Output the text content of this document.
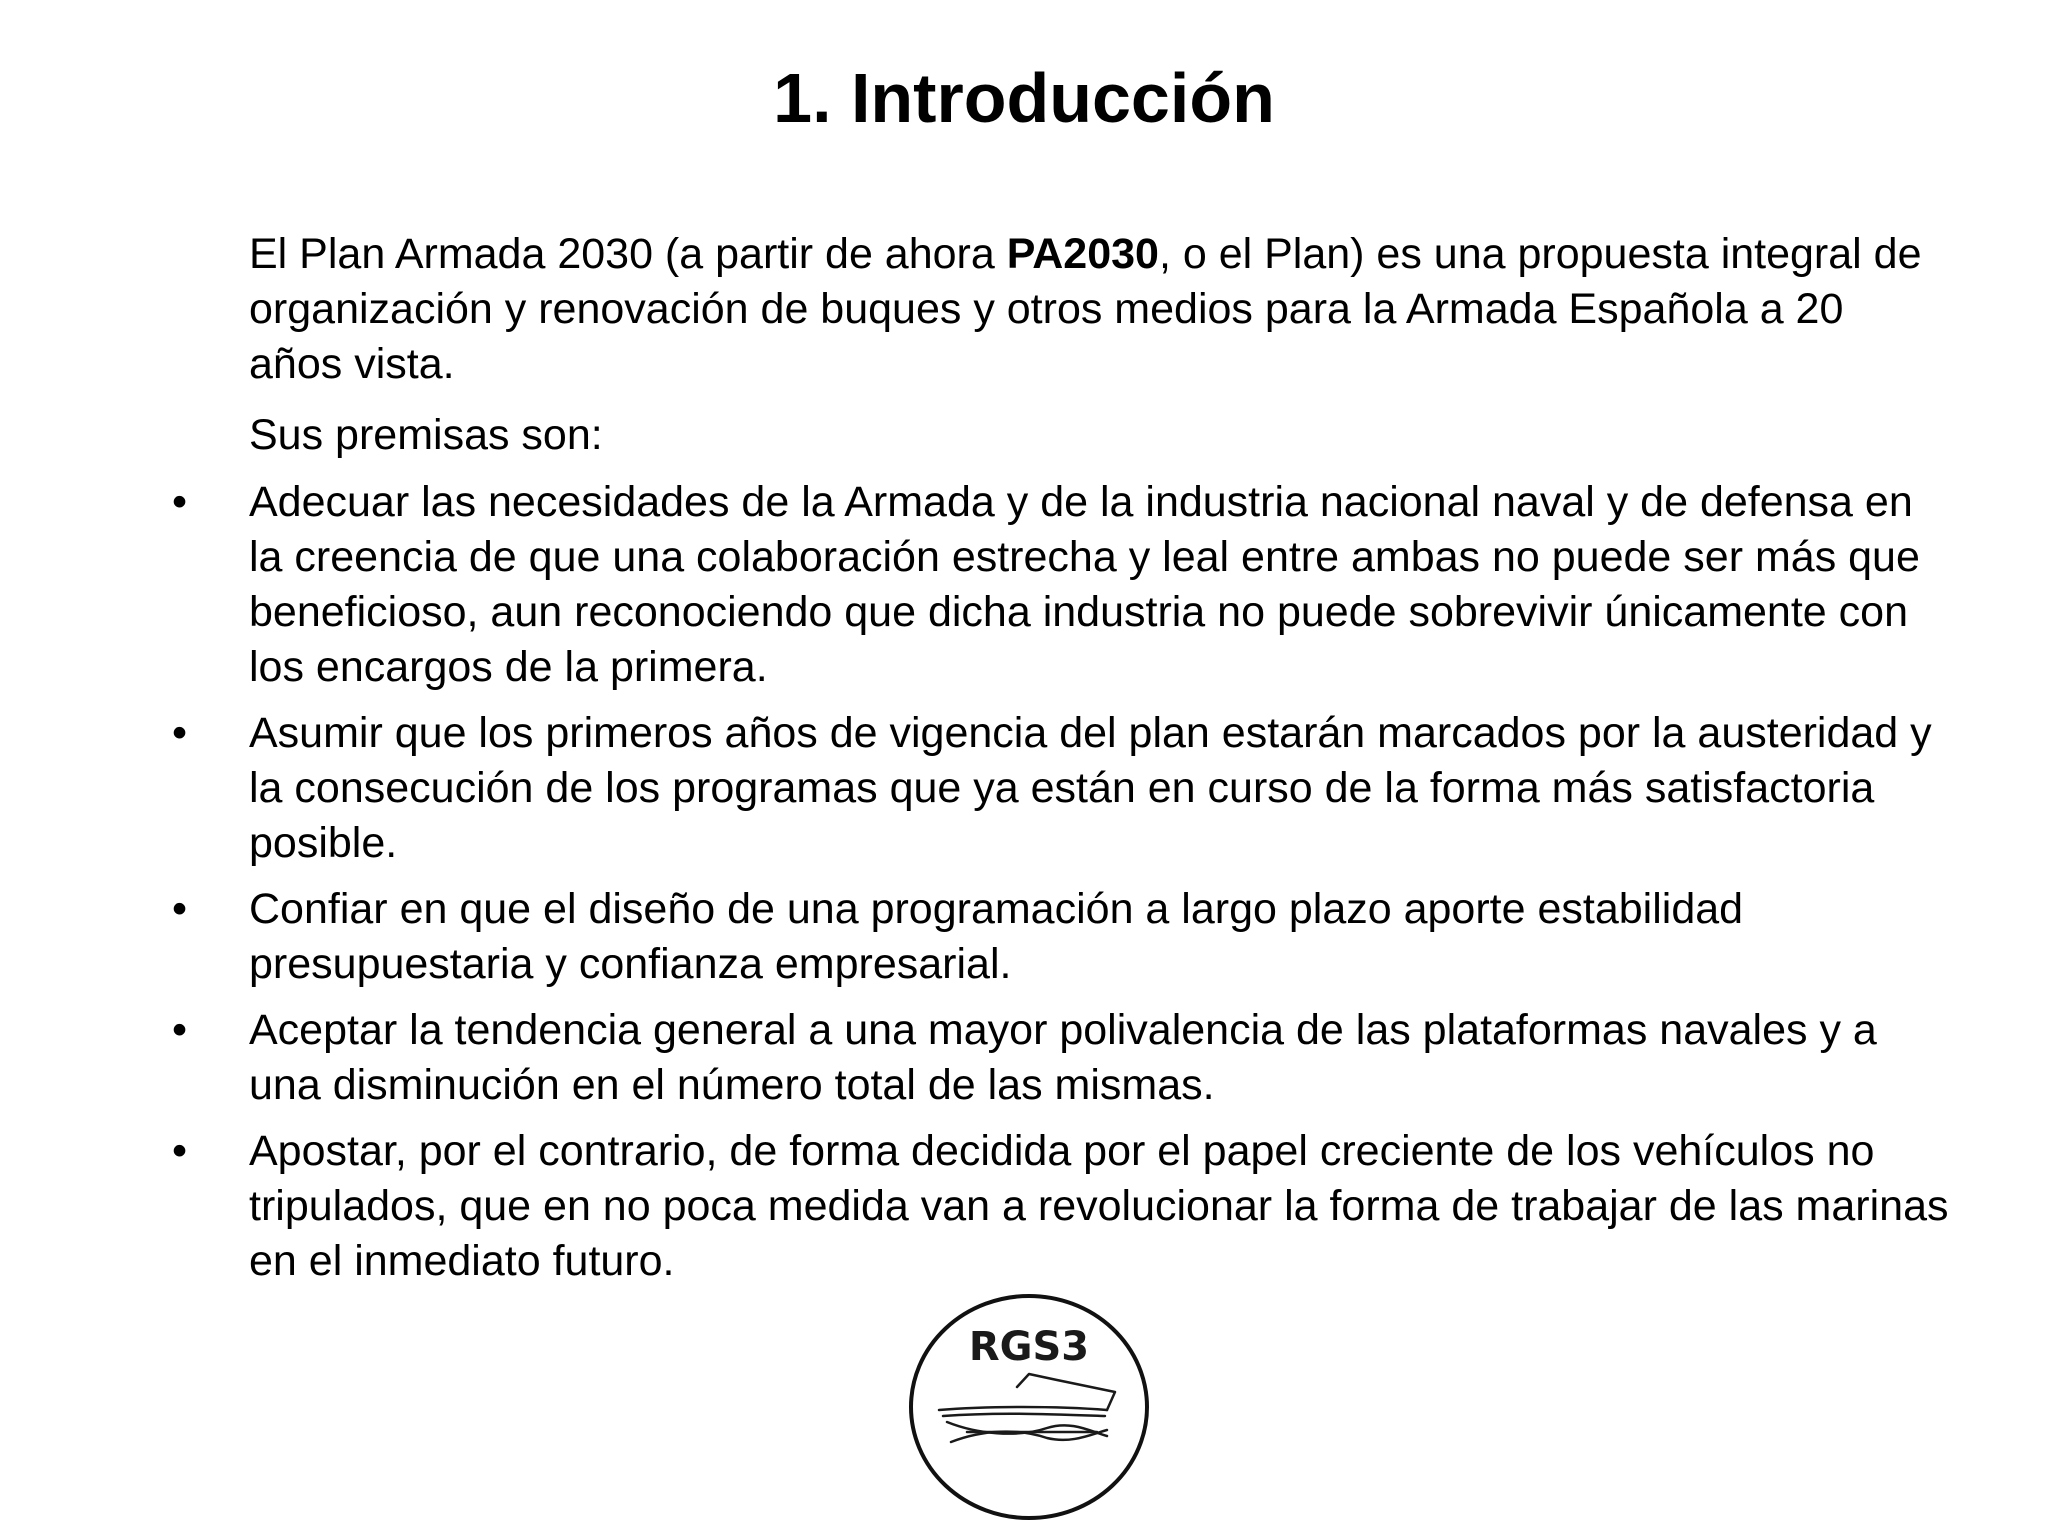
1. Introducción

El Plan Armada 2030 (a partir de ahora PA2030, o el Plan) es una propuesta integral de organización y renovación de buques y otros medios para la Armada Española a 20 años vista.

Sus premisas son:

• Adecuar las necesidades de la Armada y de la industria nacional naval y de defensa en la creencia de que una colaboración estrecha y leal entre ambas no puede ser más que beneficioso, aun reconociendo que dicha industria no puede sobrevivir únicamente con los encargos de la primera.
• Asumir que los primeros años de vigencia del plan estarán marcados por la austeridad y la consecución de los programas que ya están en curso de la forma más satisfactoria posible.
• Confiar en que el diseño de una programación a largo plazo aporte estabilidad presupuestaria y confianza empresarial.
• Aceptar la tendencia general a una mayor polivalencia de las plataformas navales y a una disminución en el número total de las mismas.
• Apostar, por el contrario, de forma decidida por el papel creciente de los vehículos no tripulados, que en no poca medida van a revolucionar la forma de trabajar de las marinas en el inmediato futuro.
RGS3
